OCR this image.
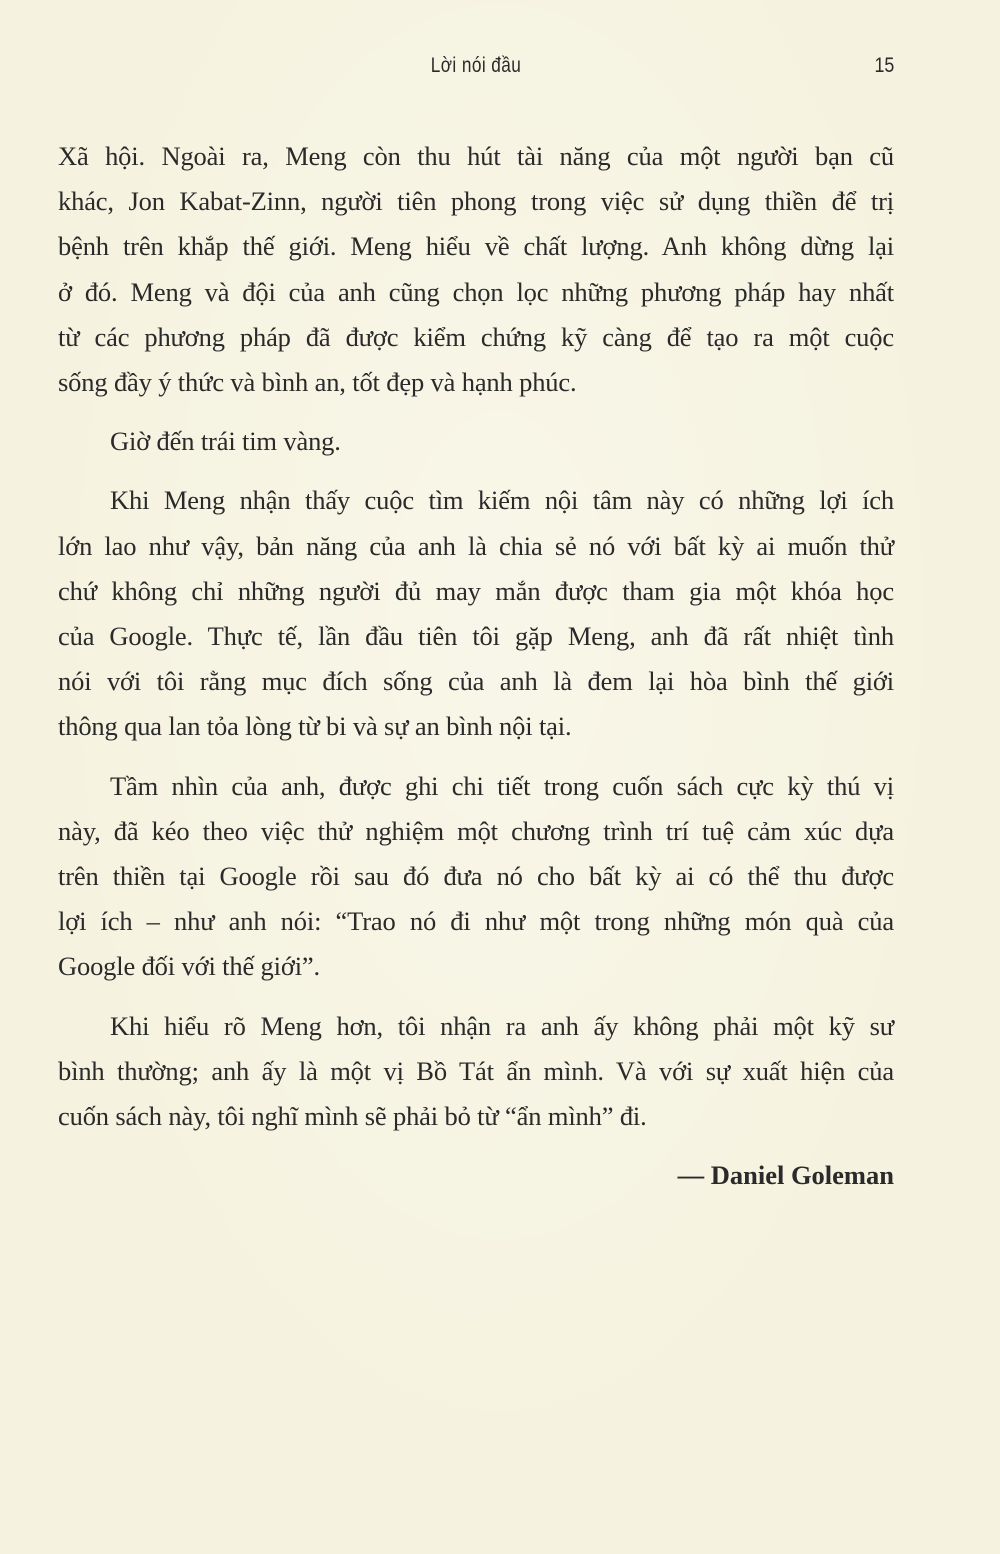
Lời nói đầu	15

Xã hội. Ngoài ra, Meng còn thu hút tài năng của một người bạn cũ
khác, Jon Kabat-Zinn, người tiên phong trong việc sử dụng thiền để trị
bệnh trên khắp thế giới. Meng hiểu về chất lượng. Anh không dừng lại
ở đó. Meng và đội của anh cũng chọn lọc những phương pháp hay nhất
từ các phương pháp đã được kiểm chứng kỹ càng để tạo ra một cuộc
sống đầy ý thức và bình an, tốt đẹp và hạnh phúc.

Giờ đến trái tim vàng.

Khi Meng nhận thấy cuộc tìm kiếm nội tâm này có những lợi ích
lớn lao như vậy, bản năng của anh là chia sẻ nó với bất kỳ ai muốn thử
chứ không chỉ những người đủ may mắn được tham gia một khóa học
của Google. Thực tế, lần đầu tiên tôi gặp Meng, anh đã rất nhiệt tình
nói với tôi rằng mục đích sống của anh là đem lại hòa bình thế giới
thông qua lan tỏa lòng từ bi và sự an bình nội tại.

Tầm nhìn của anh, được ghi chi tiết trong cuốn sách cực kỳ thú vị
này, đã kéo theo việc thử nghiệm một chương trình trí tuệ cảm xúc dựa
trên thiền tại Google rồi sau đó đưa nó cho bất kỳ ai có thể thu được
lợi ích – như anh nói: “Trao nó đi như một trong những món quà của
Google đối với thế giới”.

Khi hiểu rõ Meng hơn, tôi nhận ra anh ấy không phải một kỹ sư
bình thường; anh ấy là một vị Bồ Tát ẩn mình. Và với sự xuất hiện của
cuốn sách này, tôi nghĩ mình sẽ phải bỏ từ “ẩn mình” đi.

— Daniel Goleman
